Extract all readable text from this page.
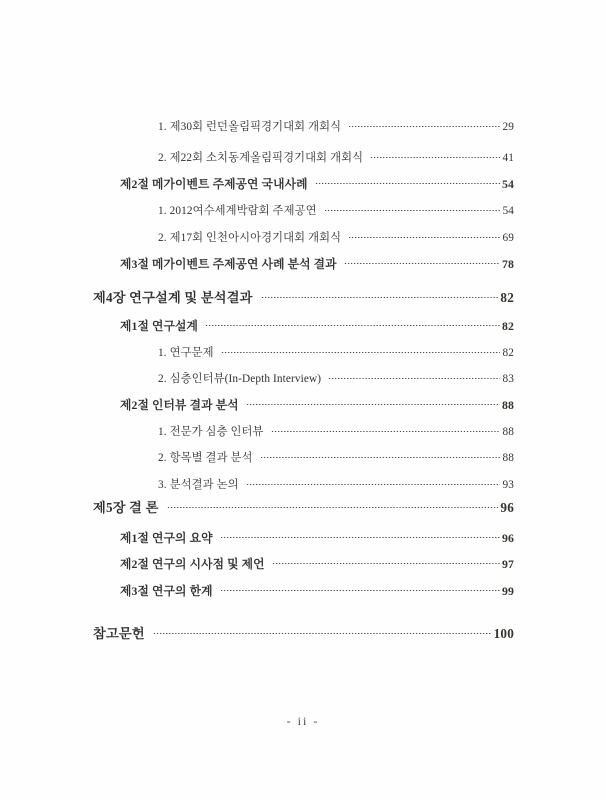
1. 제30회 런던올림픽경기대회 개회식	29
2. 제22회 소치동계올림픽경기대회 개회식	41
제2절 메가이벤트 주제공연 국내사례	54
1. 2012여수세계박람회 주제공연	54
2. 제17회 인천아시아경기대회 개회식	69
제3절 메가이벤트 주제공연 사례 분석 결과	78
제4장 연구설계 및 분석결과	82
제1절 연구설계	82
1. 연구문제	82
2. 심층인터뷰(In-Depth Interview)	83
제2절 인터뷰 결과 분석	88
1. 전문가 심층 인터뷰	88
2. 항목별 결과 분석	88
3. 분석결과 논의	93
제5장 결 론	96
제1절 연구의 요약	96
제2절 연구의 시사점 및 제언	97
제3절 연구의 한계	99
참고문헌	100
- ii -
